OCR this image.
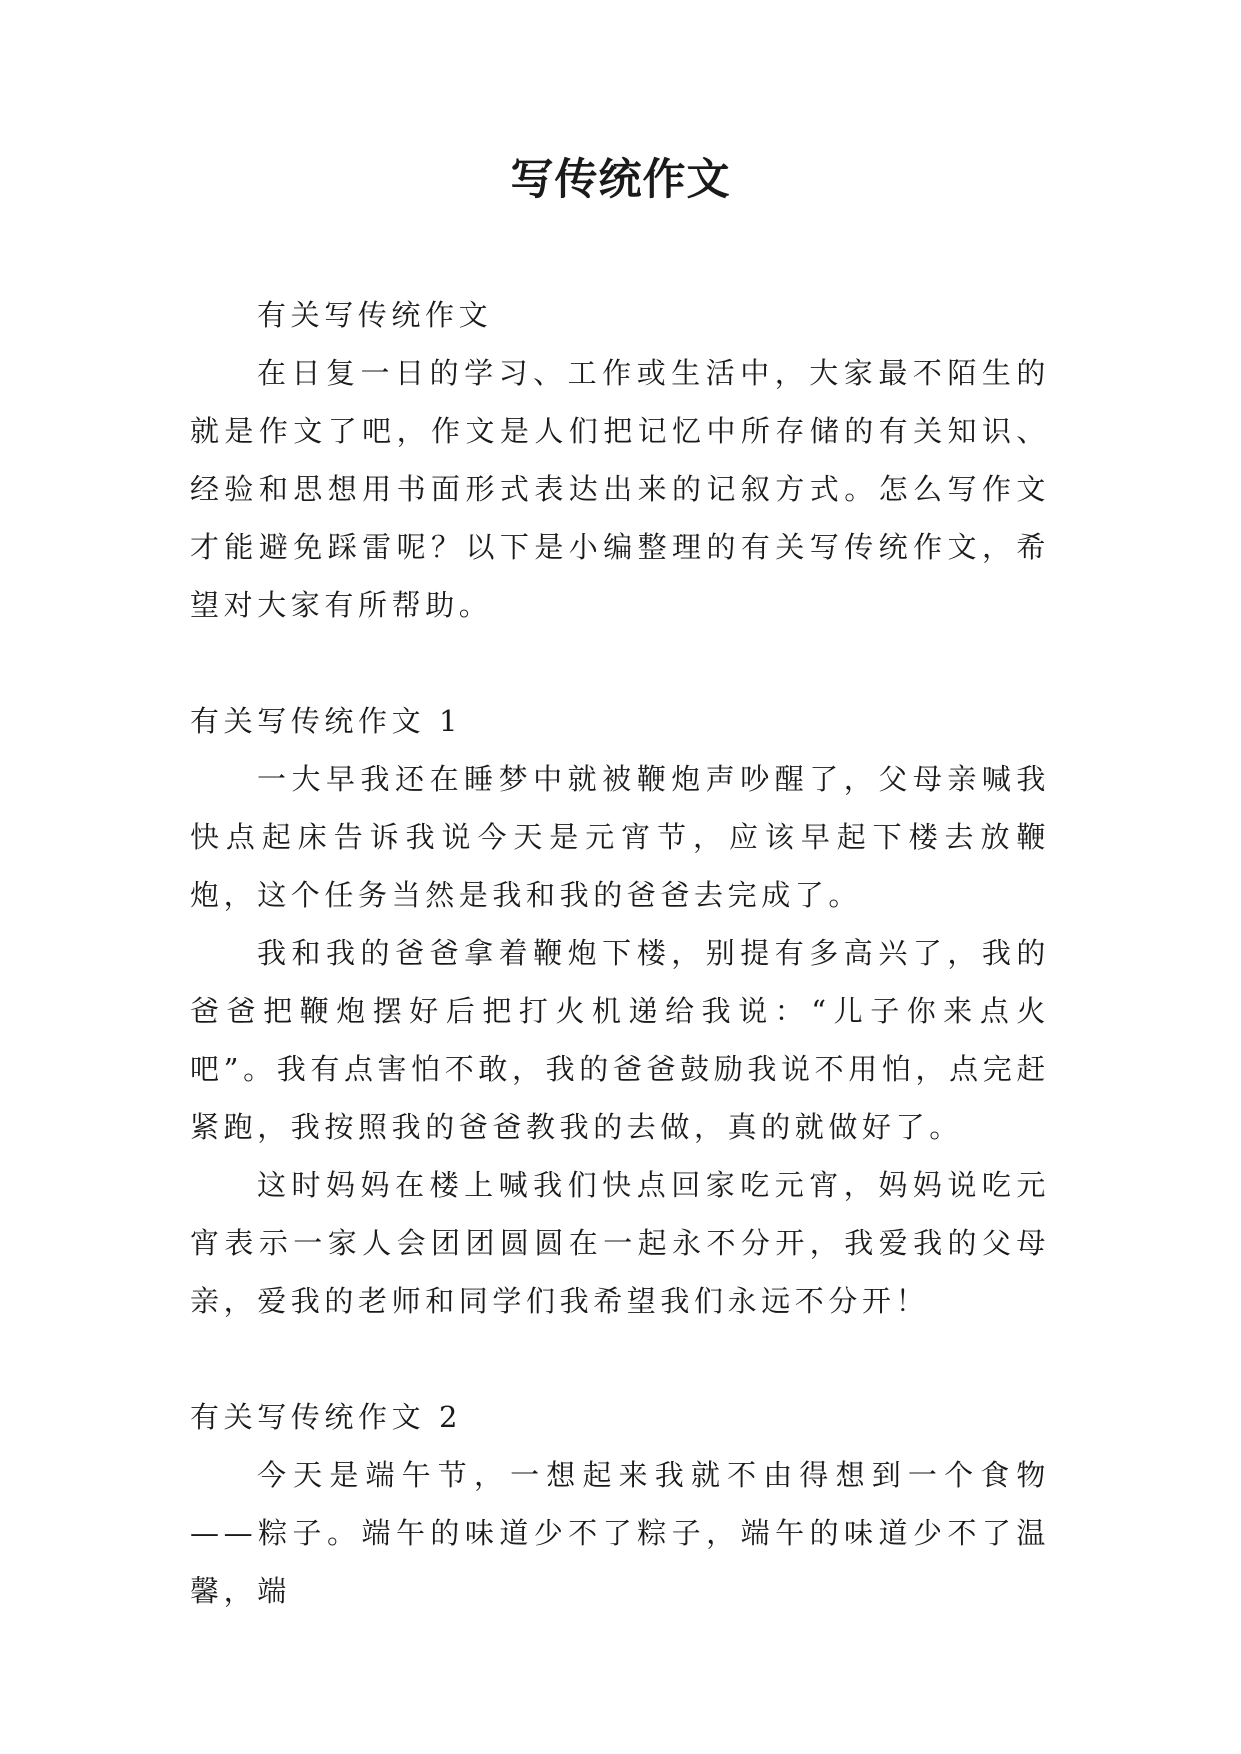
写传统作文

有关写传统作文

在日复一日的学习、工作或生活中，大家最不陌生的就是作文了吧，作文是人们把记忆中所存储的有关知识、经验和思想用书面形式表达出来的记叙方式。怎么写作文才能避免踩雷呢？以下是小编整理的有关写传统作文，希望对大家有所帮助。

有关写传统作文 1

一大早我还在睡梦中就被鞭炮声吵醒了，父母亲喊我快点起床告诉我说今天是元宵节，应该早起下楼去放鞭炮，这个任务当然是我和我的爸爸去完成了。

我和我的爸爸拿着鞭炮下楼，别提有多高兴了，我的爸爸把鞭炮摆好后把打火机递给我说：“儿子你来点火吧”。我有点害怕不敢，我的爸爸鼓励我说不用怕，点完赶紧跑，我按照我的爸爸教我的去做，真的就做好了。

这时妈妈在楼上喊我们快点回家吃元宵，妈妈说吃元宵表示一家人会团团圆圆在一起永不分开，我爱我的父母亲，爱我的老师和同学们我希望我们永远不分开！

有关写传统作文 2

今天是端午节，一想起来我就不由得想到一个食物——粽子。端午的味道少不了粽子，端午的味道少不了温馨，端
